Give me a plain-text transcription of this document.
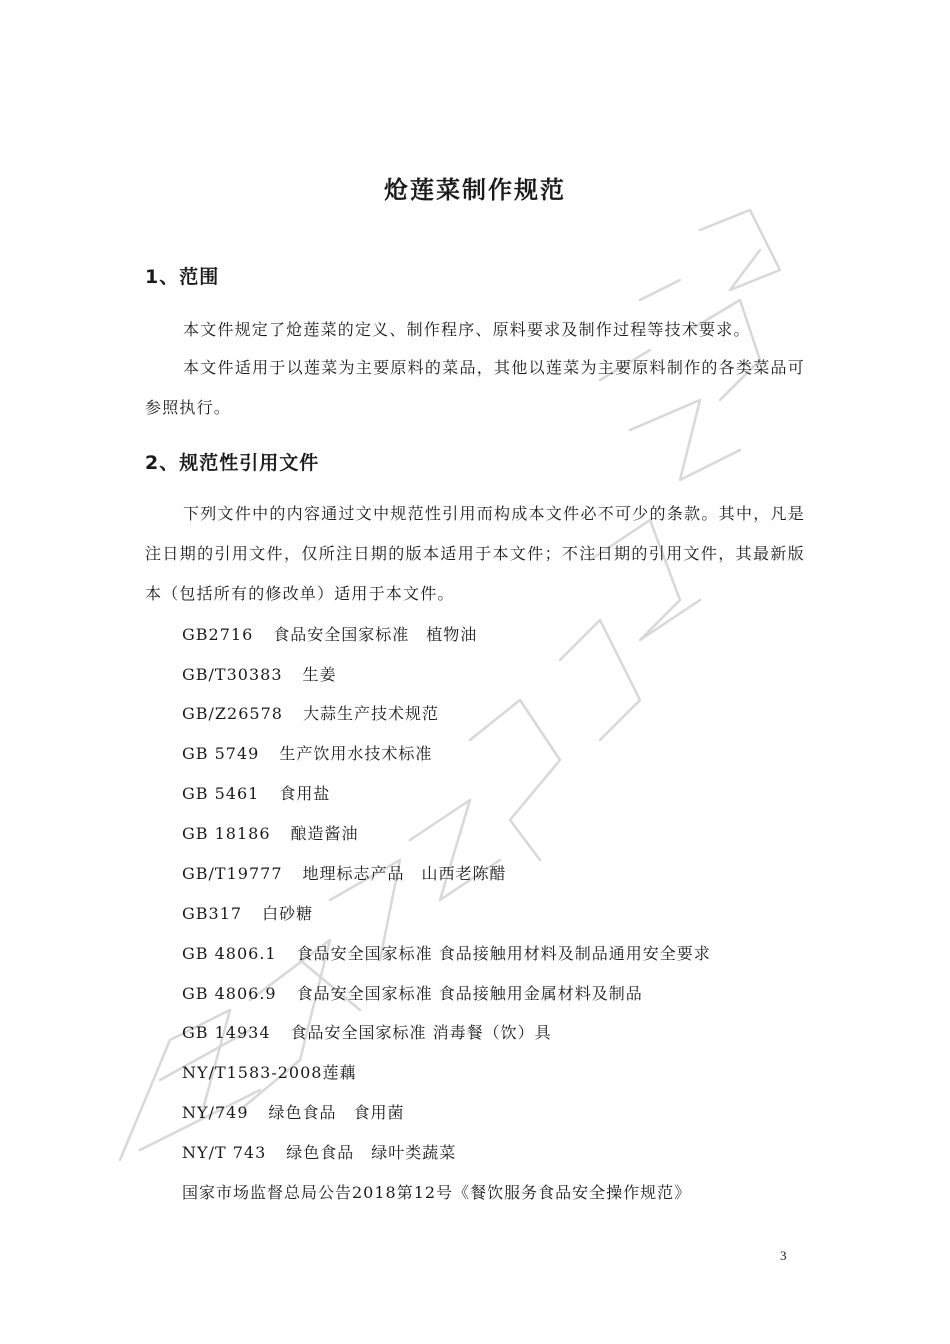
炝莲菜制作规范
1、范围
本文件规定了炝莲菜的定义、制作程序、原料要求及制作过程等技术要求。
本文件适用于以莲菜为主要原料的菜品，其他以莲菜为主要原料制作的各类菜品可参照执行。
2、规范性引用文件
下列文件中的内容通过文中规范性引用而构成本文件必不可少的条款。其中，凡是注日期的引用文件，仅所注日期的版本适用于本文件；不注日期的引用文件，其最新版本（包括所有的修改单）适用于本文件。
GB2716 食品安全国家标准　植物油
GB/T30383 生姜
GB/Z26578 大蒜生产技术规范
GB 5749 生产饮用水技术标准
GB 5461 食用盐
GB 18186 酿造酱油
GB/T19777 地理标志产品　山西老陈醋
GB317 白砂糖
GB 4806.1 食品安全国家标准 食品接触用材料及制品通用安全要求
GB 4806.9 食品安全国家标准 食品接触用金属材料及制品
GB 14934 食品安全国家标准 消毒餐（饮）具
NY/T1583-2008莲藕
NY/749 绿色食品　食用菌
NY/T 743 绿色食品　绿叶类蔬菜
国家市场监督总局公告2018第12号《餐饮服务食品安全操作规范》
3
